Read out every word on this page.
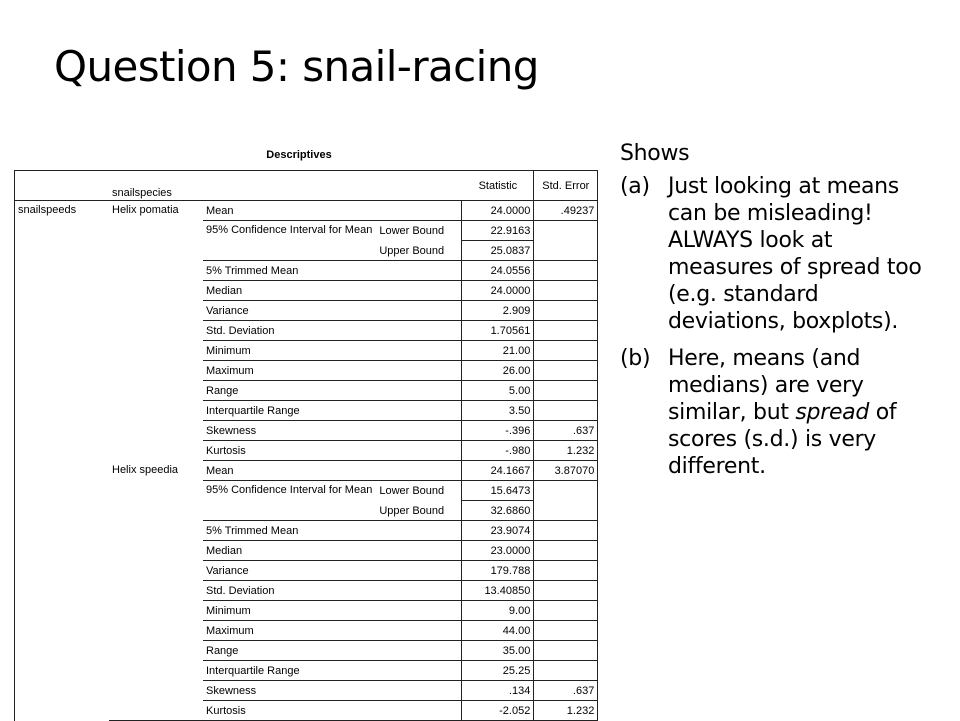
Question 5: snail-racing
Descriptives
	snailspecies			Statistic	Std. Error
snailspeeds	Helix pomatia	Mean		24.0000	.49237
		95% Confidence Interval for Mean	Lower Bound	22.9163	
			Upper Bound	25.0837	
		5% Trimmed Mean		24.0556	
		Median		24.0000	
		Variance		2.909	
		Std. Deviation		1.70561	
		Minimum		21.00	
		Maximum		26.00	
		Range		5.00	
		Interquartile Range		3.50	
		Skewness		-.396	.637
		Kurtosis		-.980	1.232
	Helix speedia	Mean		24.1667	3.87070
		95% Confidence Interval for Mean	Lower Bound	15.6473	
			Upper Bound	32.6860	
		5% Trimmed Mean		23.9074	
		Median		23.0000	
		Variance		179.788	
		Std. Deviation		13.40850	
		Minimum		9.00	
		Maximum		44.00	
		Range		35.00	
		Interquartile Range		25.25	
		Skewness		.134	.637
		Kurtosis		-2.052	1.232

Shows

(a) Just looking at means can be misleading! ALWAYS look at measures of spread too (e.g. standard deviations, boxplots).

(b) Here, means (and medians) are very similar, but spread of scores (s.d.) is very different.
